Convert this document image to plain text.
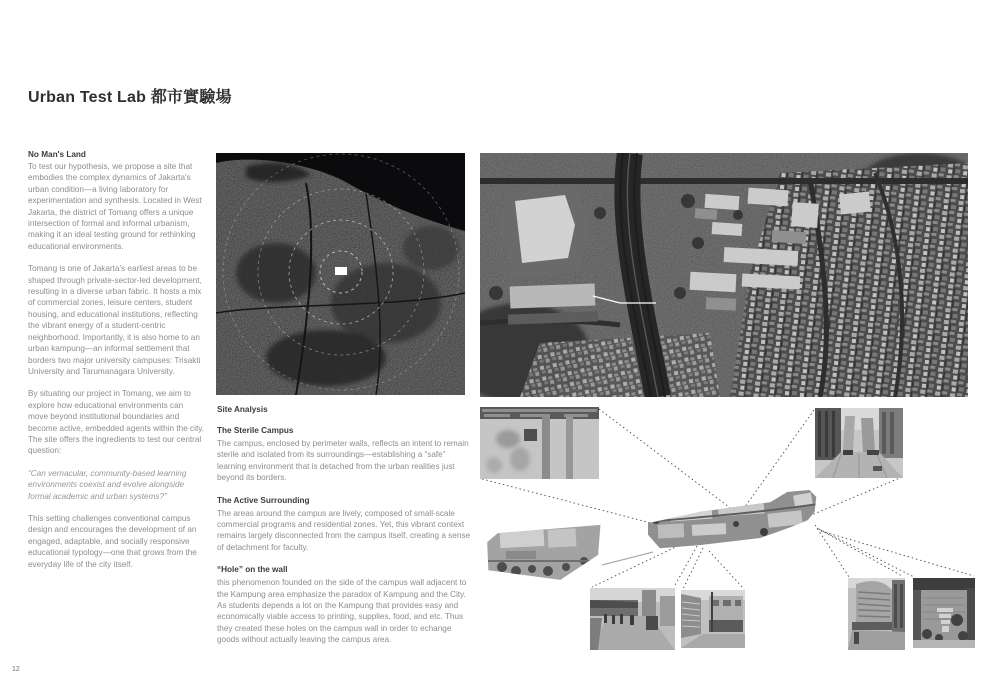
Urban Test Lab 都市實驗場

No Man's Land

To test our hypothesis, we propose a site that embodies the complex dynamics of Jakarta's urban condition—a living laboratory for experimentation and synthesis. Located in West Jakarta, the district of Tomang offers a unique intersection of formal and informal urbanism, making it an ideal testing ground for rethinking educational environments.

Tomang is one of Jakarta's earliest areas to be shaped through private-sector-led development, resulting in a diverse urban fabric. It hosts a mix of commercial zones, leisure centers, student housing, and educational institutions, reflecting the vibrant energy of a student-centric neighborhood. Importantly, it is also home to an urban kampung—an informal settlement that borders two major university campuses: Trisakti University and Tarumanagara University.

By situating our project in Tomang, we aim to explore how educational environments can move beyond institutional boundaries and become active, embedded agents within the city. The site offers the ingredients to test our central question:

“Can vernacular, community-based learning environments coexist and evolve alongside formal academic and urban systems?”

This setting challenges conventional campus design and encourages the development of an engaged, adaptable, and socially responsive educational typology—one that grows from the everyday life of the city itself.

Site Analysis

The Sterile Campus

The campus, enclosed by perimeter walls, reflects an intent to remain sterile and isolated from its surroundings—establishing a “safe” learning environment that is detached from the urban realities just beyond its borders.

The Active Surrounding

The areas around the campus are lively, composed of small-scale commercial programs and residential zones. Yet, this vibrant context remains largely disconnected from the campus itself, creating a sense of detachment for faculty.

“Hole” on the wall

this phenomenon founded on the side of the campus wall adjacent to the Kampung area emphasize the paradox of Kampung and the City. As students depends a lot on the Kampung that provides easy and economically viable access to printing, supplies, food, and etc. Thus they created these holes on the campus wall in order to echange goods without actually leaving the campus area.

12
